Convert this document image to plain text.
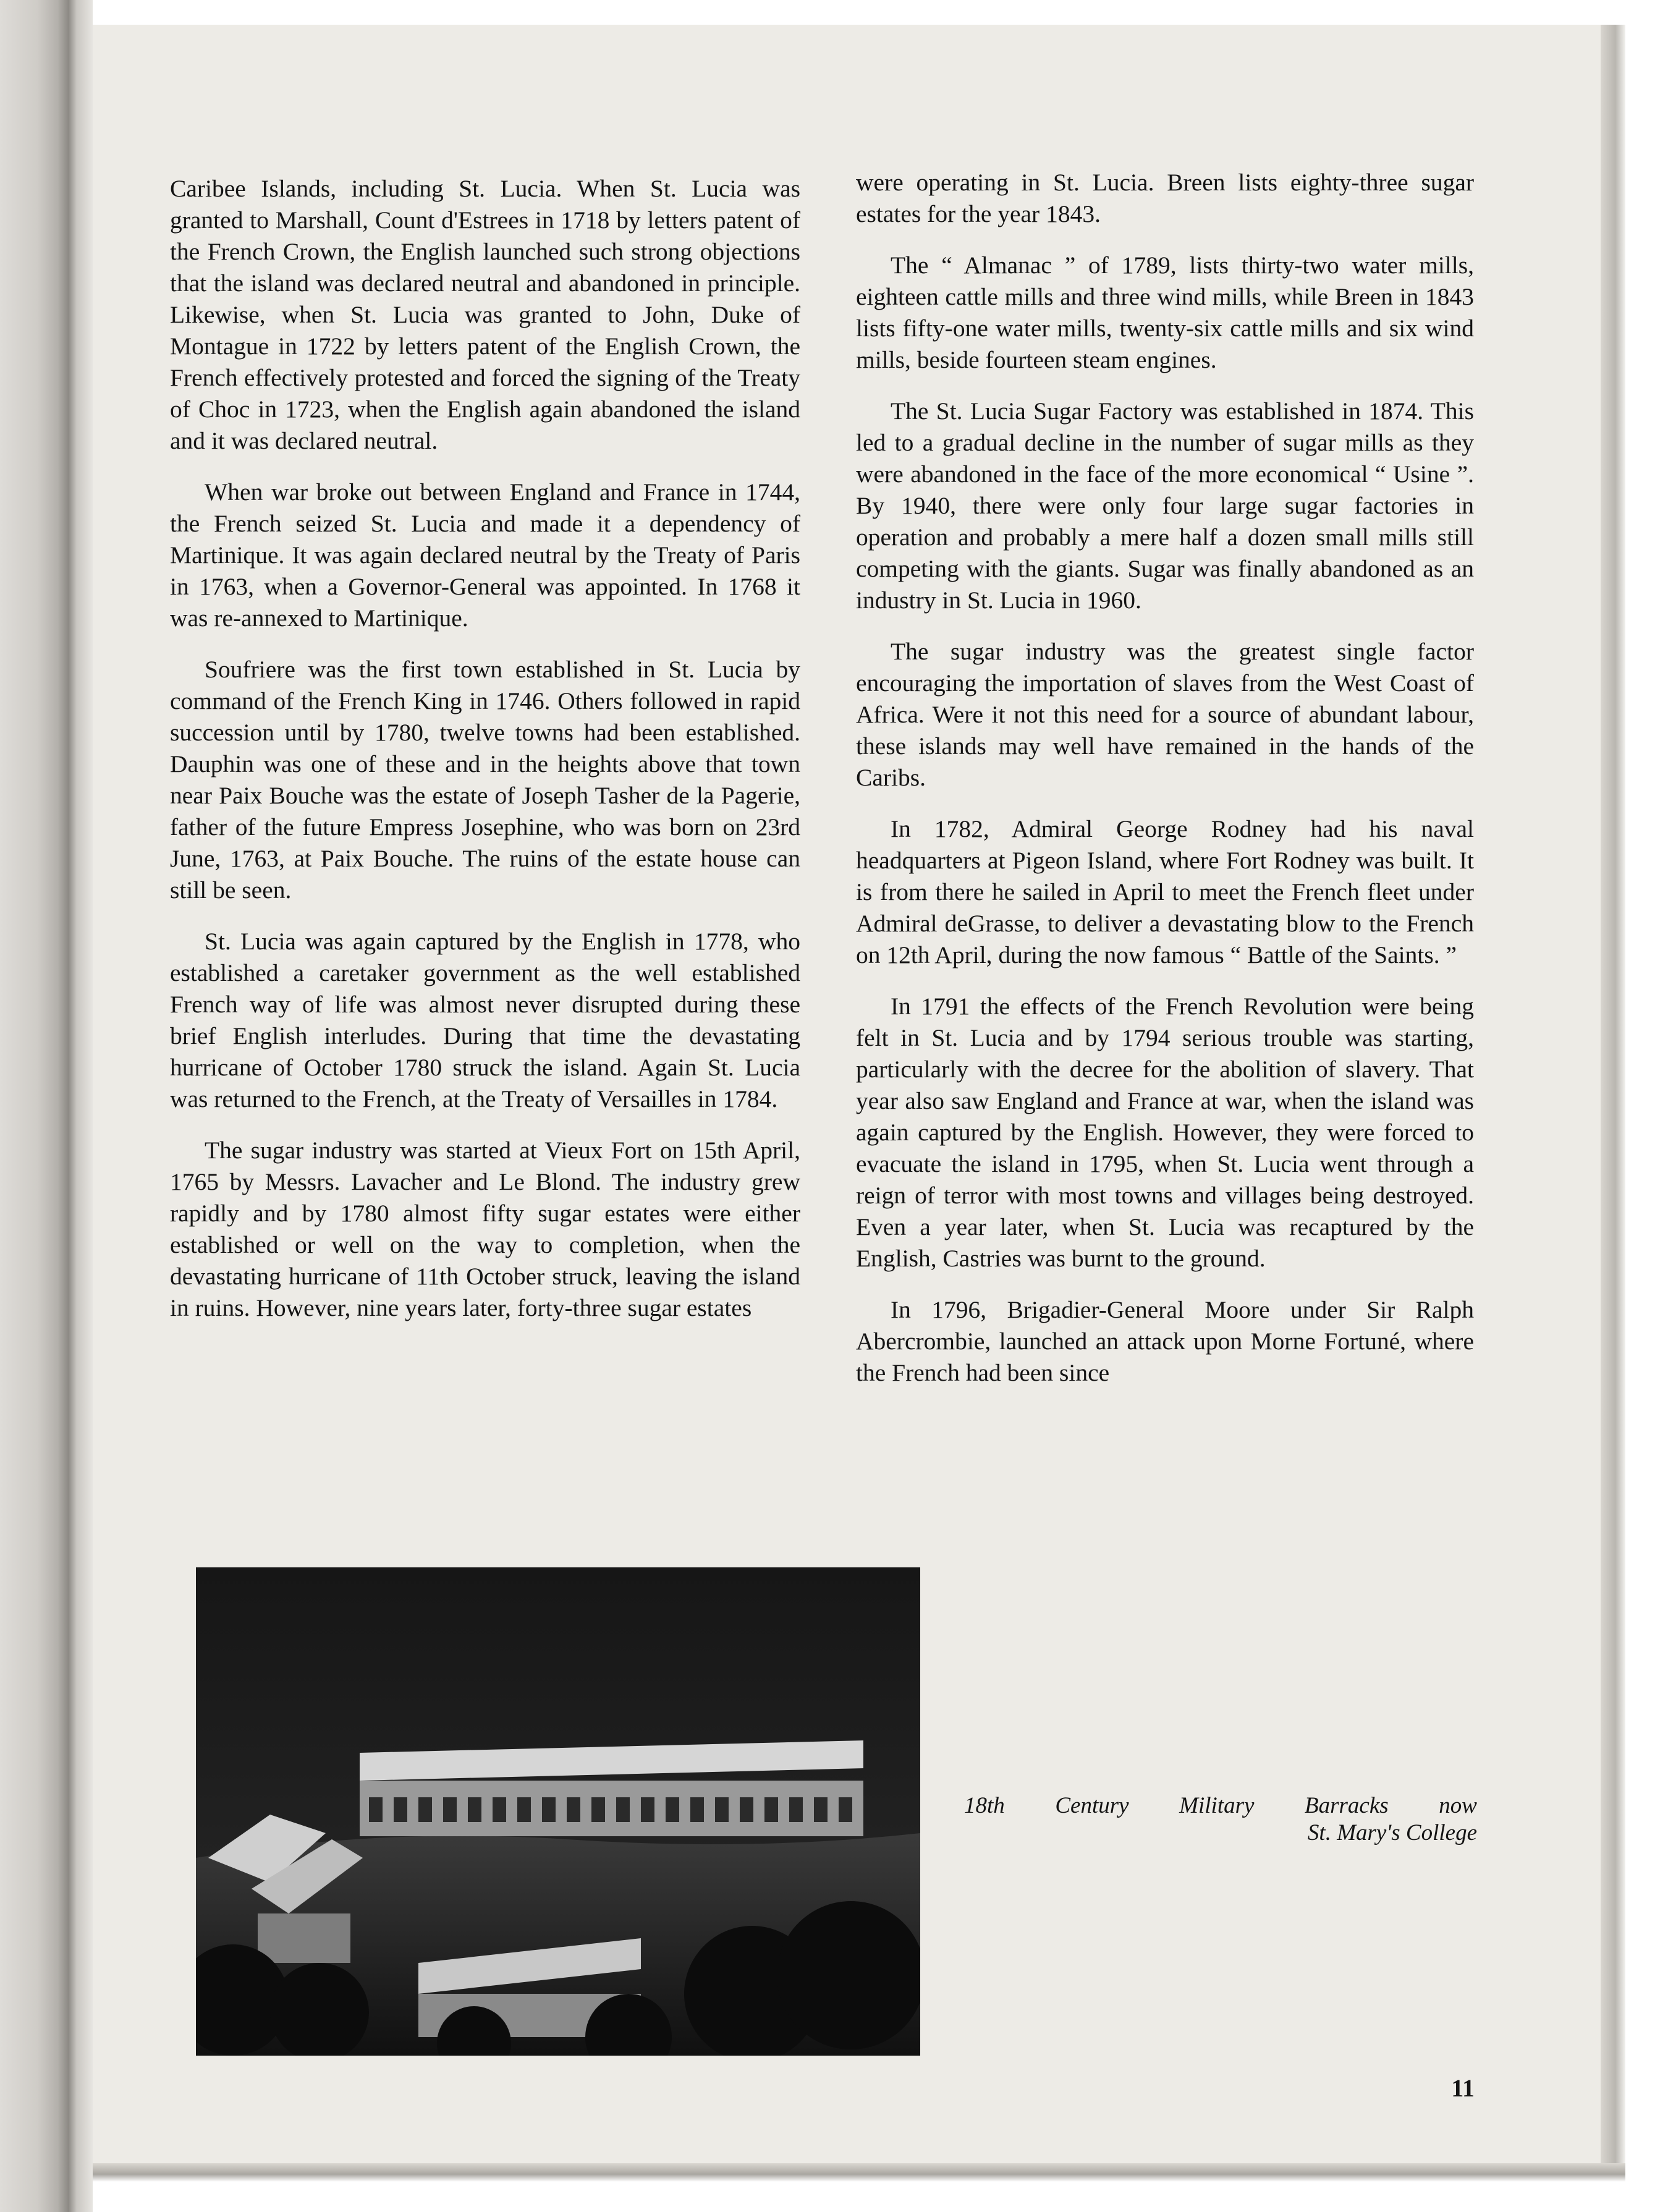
Caribee Islands, including St. Lucia. When St. Lucia was granted to Marshall, Count d'Estrees in 1718 by letters patent of the French Crown, the English launched such strong objections that the island was declared neutral and abandoned in principle. Likewise, when St. Lucia was granted to John, Duke of Montague in 1722 by letters patent of the English Crown, the French effectively protested and forced the signing of the Treaty of Choc in 1723, when the English again abandoned the island and it was declared neutral.

When war broke out between England and France in 1744, the French seized St. Lucia and made it a dependency of Martinique. It was again declared neutral by the Treaty of Paris in 1763, when a Governor-General was appointed. In 1768 it was re-annexed to Martinique.

Soufriere was the first town established in St. Lucia by command of the French King in 1746. Others followed in rapid succession until by 1780, twelve towns had been established. Dauphin was one of these and in the heights above that town near Paix Bouche was the estate of Joseph Tasher de la Pagerie, father of the future Empress Josephine, who was born on 23rd June, 1763, at Paix Bouche. The ruins of the estate house can still be seen.

St. Lucia was again captured by the English in 1778, who established a caretaker government as the well established French way of life was almost never disrupted during these brief English interludes. During that time the devastating hurricane of October 1780 struck the island. Again St. Lucia was returned to the French, at the Treaty of Versailles in 1784.

The sugar industry was started at Vieux Fort on 15th April, 1765 by Messrs. Lavacher and Le Blond. The industry grew rapidly and by 1780 almost fifty sugar estates were either established or well on the way to completion, when the devastating hurricane of 11th October struck, leaving the island in ruins. However, nine years later, forty-three sugar estates

were operating in St. Lucia. Breen lists eighty-three sugar estates for the year 1843.

The “ Almanac ” of 1789, lists thirty-two water mills, eighteen cattle mills and three wind mills, while Breen in 1843 lists fifty-one water mills, twenty-six cattle mills and six wind mills, beside fourteen steam engines.

The St. Lucia Sugar Factory was established in 1874. This led to a gradual decline in the number of sugar mills as they were abandoned in the face of the more economical “ Usine ”. By 1940, there were only four large sugar factories in operation and probably a mere half a dozen small mills still competing with the giants. Sugar was finally abandoned as an industry in St. Lucia in 1960.

The sugar industry was the greatest single factor encouraging the importation of slaves from the West Coast of Africa. Were it not this need for a source of abundant labour, these islands may well have remained in the hands of the Caribs.

In 1782, Admiral George Rodney had his naval headquarters at Pigeon Island, where Fort Rodney was built. It is from there he sailed in April to meet the French fleet under Admiral deGrasse, to deliver a devastating blow to the French on 12th April, during the now famous “ Battle of the Saints. ”

In 1791 the effects of the French Revolution were being felt in St. Lucia and by 1794 serious trouble was starting, particularly with the decree for the abolition of slavery. That year also saw England and France at war, when the island was again captured by the English. However, they were forced to evacuate the island in 1795, when St. Lucia went through a reign of terror with most towns and villages being destroyed. Even a year later, when St. Lucia was recaptured by the English, Castries was burnt to the ground.

In 1796, Brigadier-General Moore under Sir Ralph Abercrombie, launched an attack upon Morne Fortuné, where the French had been since

18th Century Military Barracks now
St. Mary's College
11
